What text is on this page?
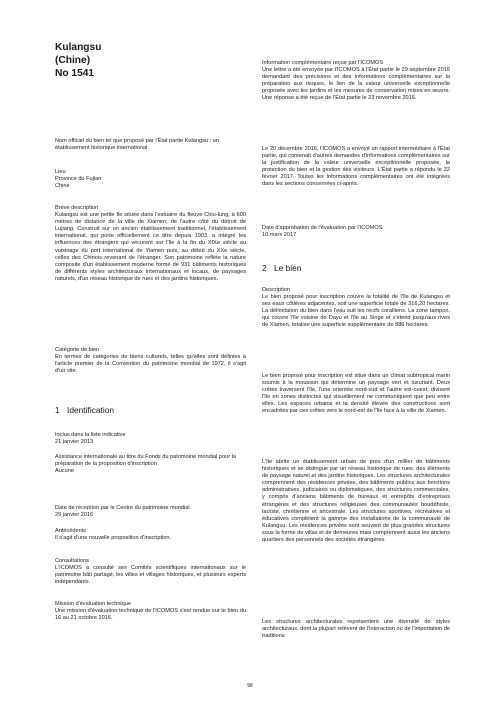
Kulangsu
(Chine)
No 1541

Nom officiel du bien tel que proposé par l'État partie Kulangsu : un établissement historique international

Lieu

Province du Fujian

Chine

Brève description

Kulangsu est une petite île située dans l'estuaire du fleuve Chiu-lung, à 600 mètres de distance de la ville de Xiamen, de l'autre côté du détroit de Lujiang. Construit sur un ancien établissement traditionnel, l'établissement international, qui porte officiellement ce titre depuis 1903, a intégré les influences des étrangers qui vécurent sur l'île à la fin du XIXe siècle au voisinage du port international de Yiamen puis, au début du XXe siècle, celles des Chinois revenant de l'étranger. Son patrimoine reflète la nature composite d'un établissement moderne formé de 931 bâtiments historiques de différents styles architecturaux internationaux et locaux, de paysages naturels, d'un réseau historique de rues et des jardins historiques.

Catégorie de bien

En termes de catégories de biens culturels, telles qu'elles sont définies à l'article premier de la Convention du patrimoine mondial de 1972, il s'agit d'un site.

1 Identification

Inclus dans la liste indicative

21 janvier 2013

Assistance internationale au titre du Fonds du patrimoine mondial pour la préparation de la proposition d'inscription

Aucune

Date de réception par le Centre du patrimoine mondial

29 janvier 2016

Antécédents

Il s'agit d'une nouvelle proposition d'inscription.

Consultations

L'ICOMOS a consulté ses Comités scientifiques internationaux sur le patrimoine bâti partagé, les villes et villages historiques, et plusieurs experts indépendants.

Mission d'évaluation technique

Une mission d'évaluation technique de l'ICOMOS s'est rendue sur le bien du 16 au 21 octobre 2016.

Information complémentaire reçue par l'ICOMOS

Une lettre a été envoyée par l'ICOMOS à l'État partie le 29 septembre 2016 demandant des précisions et des informations complémentaires sur la préparation aux risques, le lien de la valeur universelle exceptionnelle proposée avec les jardins et les mesures de conservation mises en œuvre. Une réponse a été reçue de l'État partie le 23 novembre 2016.

Le 20 décembre 2016, l'ICOMOS a envoyé un rapport intermédiaire à l'État partie, qui contenait d'autres demandes d'informations complémentaires sur la justification de la valeur universelle exceptionnelle proposée, la protection du bien et la gestion des visiteurs. L'État partie a répondu le 22 février 2017. Toutes les informations complémentaires ont été intégrées dans les sections concernées ci-après.

Date d'approbation de l'évaluation par l'ICOMOS

10 mars 2017

2 Le bien

Description

Le bien proposé pour inscription couvre la totalité de l'île de Kulangsu et ses eaux côtières adjacentes, soit une superficie totale de 316,20 hectares. La délimitation du bien dans l'eau suit les récifs coralliens. La zone tampon, qui couvre l'île voisine de Dayu et l'île au Singe et s'étend jusqu'aux rives de Xiamen, totalise une superficie supplémentaire de 886 hectares.

Le bien proposé pour inscription est situé dans un climat subtropical marin soumis à la mousson qui détermine un paysage vert et luxuriant. Deux crêtes traversent l'île, l'une orientée nord-sud et l'autre est-ouest, divisent l'île en zones distinctes qui visuellement ne communiquent que peu entre elles. Les espaces urbains et la densité élevée des constructions sont encadrées par ces crêtes vers le nord-est de l'île face à la ville de Xiamen.

L'île abrite un établissement urbain de près d'un millier de bâtiments historiques et se distingue par un réseau historique de rues, des éléments de paysage naturel et des jardins historiques. Les structures architecturales comprennent des résidences privées, des bâtiments publics aux fonctions administratives, judiciaires ou diplomatiques, des structures commerciales, y compris d'anciens bâtiments de bureaux et entrepôts d'entreprises étrangères et des structures religieuses des communautés bouddhiste, taoïste, chrétienne et ancestrale. Les structures sportives, récréatives et éducatives complètent la gamme des installations de la communauté de Kulangsu. Les résidences privées sont souvent de plus grandes structures sous la forme de villas et de demeures mais comprennent aussi les anciens quartiers des personnels des sociétés étrangères.

Les structures architecturales représentent une diversité de styles architecturaux, dont la plupart relèvent de l'interaction ou de l'importation de traditions

98
